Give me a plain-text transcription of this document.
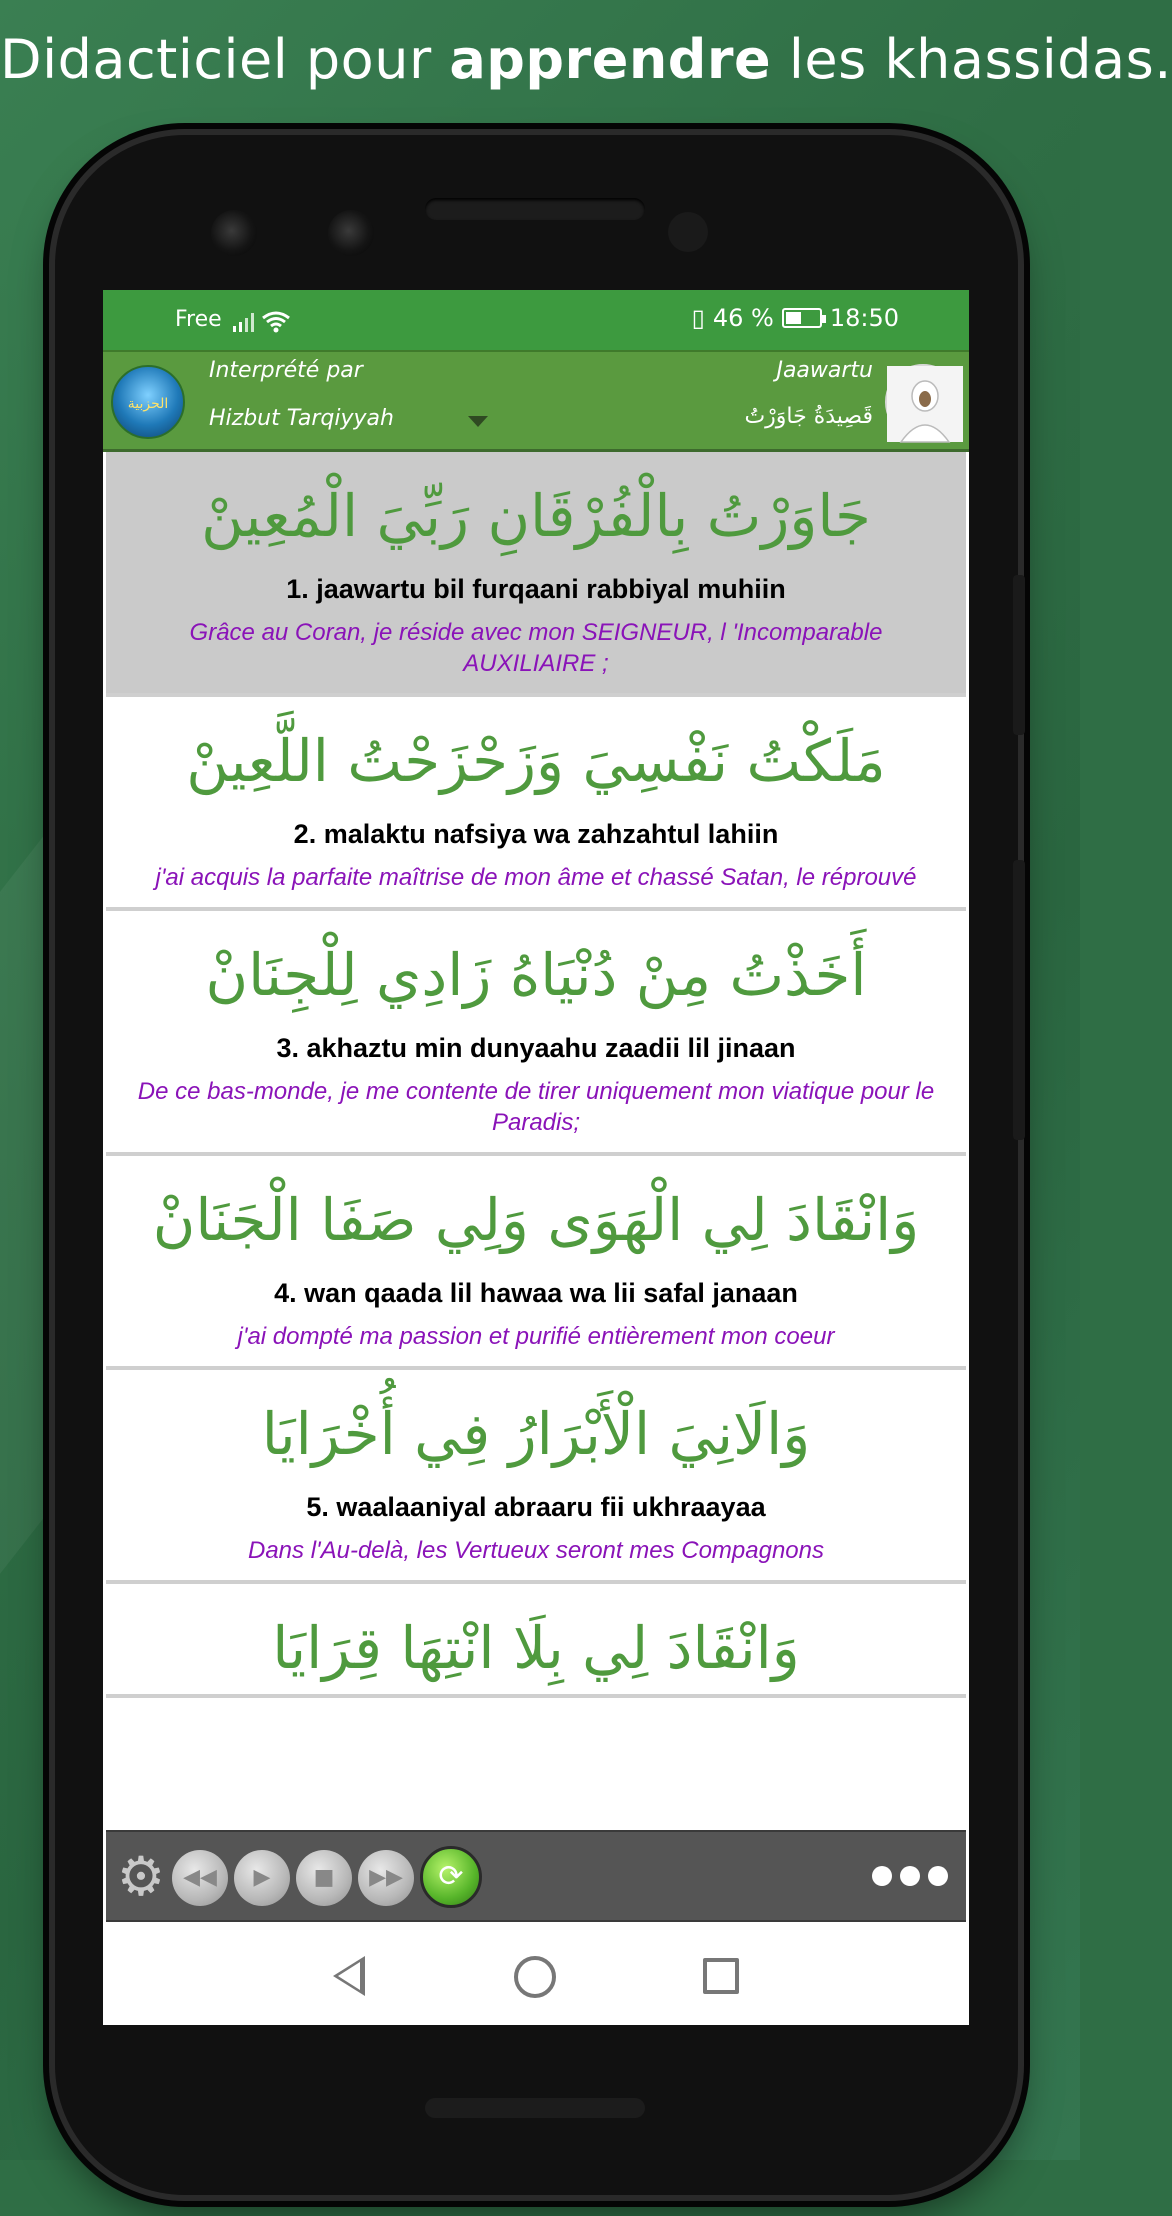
Didacticiel pour apprendre les khassidas.
Free	▯ 46 % 18:50
الحزبية
Interprété par
Hizbut Tarqiyyah
Jaawartu
قَصِيدَةُ جَاوَرْتُ
جَاوَرْتُ بِالْفُرْقَانِ رَبِّيَ الْمُعِينْ
1. jaawartu bil furqaani rabbiyal muhiin
Grâce au Coran, je réside avec mon SEIGNEUR, l 'Incomparable AUXILIAIRE ;
مَلَكْتُ نَفْسِيَ وَزَحْزَحْتُ اللَّعِينْ
2. malaktu nafsiya wa zahzahtul lahiin
j'ai acquis la parfaite maîtrise de mon âme et chassé Satan, le réprouvé
أَخَذْتُ مِنْ دُنْيَاهُ زَادِي لِلْجِنَانْ
3. akhaztu min dunyaahu zaadii lil jinaan
De ce bas-monde, je me contente de tirer uniquement mon viatique pour le Paradis;
وَانْقَادَ لِي الْهَوَى وَلِي صَفَا الْجَنَانْ
4. wan qaada lil hawaa wa lii safal janaan
j'ai dompté ma passion et purifié entièrement mon coeur
وَالَانِيَ الْأَبْرَارُ فِي أُخْرَايَا
5. waalaaniyal abraaru fii ukhraayaa
Dans l'Au-delà, les Vertueux seront mes Compagnons
وَانْقَادَ لِي بِلَا انْتِهَا قِرَايَا
⚙ ◀◀	▶	■	▶▶	⟳
